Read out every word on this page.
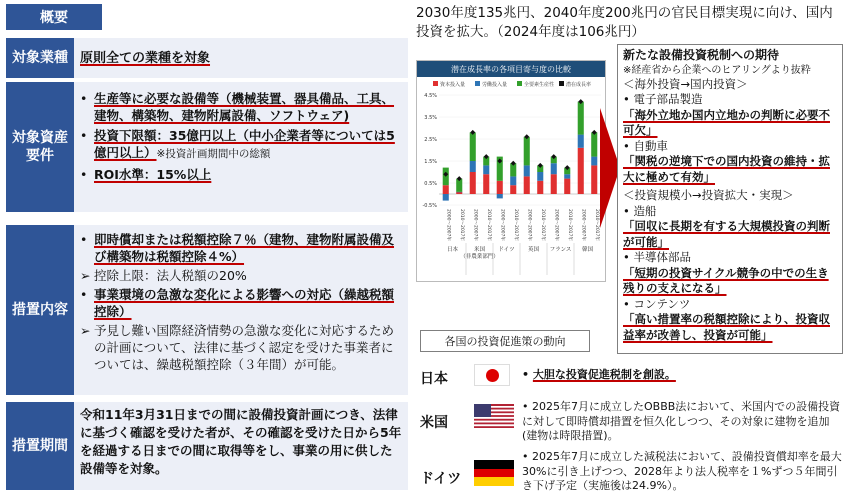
概要
対象業種 原則全ての業種を対象
対象資産要件
• 生産等に必要な設備等（機械装置、器具備品、工具、建物、構築物、建物附属設備、ソフトウェア)
• 投資下限額：35億円以上（中小企業者等については5億円以上）※投資計画期間中の総額
• ROI水準：15%以上
措置内容
• 即時償却または税額控除７％（建物、建物附属設備及び構築物は税額控除４%）
➢ 控除上限：法人税額の20%
• 事業環境の急激な変化による影響への対応（繰越税額控除）
➢ 予見し難い国際経済情勢の急激な変化に対応するための計画について、法律に基づく認定を受けた事業者については、繰越税額控除（３年間）が可能。
措置期間
令和11年3月31日までの間に設備投資計画につき、法律に基づく確認を受けた者が、その確認を受けた日から5年を経過する日までの間に取得等をし、事業の用に供した設備等を対象。
2030年度135兆円、2040年度200兆円の官民目標実現に向け、国内投資を拡大。（2024年度は106兆円）
潜在成長率の各項目寄与度の比較
資本投入量	労働投入量	全要素生産性 潜在成長率
4.5%
3.5%
2.5%
1.5%
0.5%
-0.5%
2000～2007年	2010～2017年	2000～2007年	2010～2017年	2000～2007年	2010～2017年	2000～2007年	2010～2017年	2000～2007年	2010～2017年	2000～2007年	2010～2017年
日本	米国
（非農業部門）
ドイツ 英国 フランス 韓国
新たな設備投資税制への期待
※経産省から企業へのヒアリングより抜粋
＜海外投資→国内投資＞
• 電子部品製造
「海外立地か国内立地かの判断に必要不可欠」
• 自動車
「関税の逆境下での国内投資の維持・拡大に極めて有効」
＜投資規模小→投資拡大・実現＞
• 造船
「回収に長期を有する大規模投資の判断が可能」
• 半導体部品
「短期の投資サイクル競争の中での生き残りの支えになる」
• コンテンツ
「高い措置率の税額控除により、投資収益率が改善し、投資が可能」
各国の投資促進策の動向
日本	• 大胆な投資促進税制を創設。
米国
• 2025年7月に成立したOBBB法において、米国内での設備投資に対して即時償却措置を恒久化しつつ、その対象に建物を追加(建物は時限措置)。
ドイツ
• 2025年7月に成立した減税法において、設備投資償却率を最大30%に引き上げつつ、2028年より法人税率を１%ずつ５年間引き下げ予定（実施後は24.9%）。
